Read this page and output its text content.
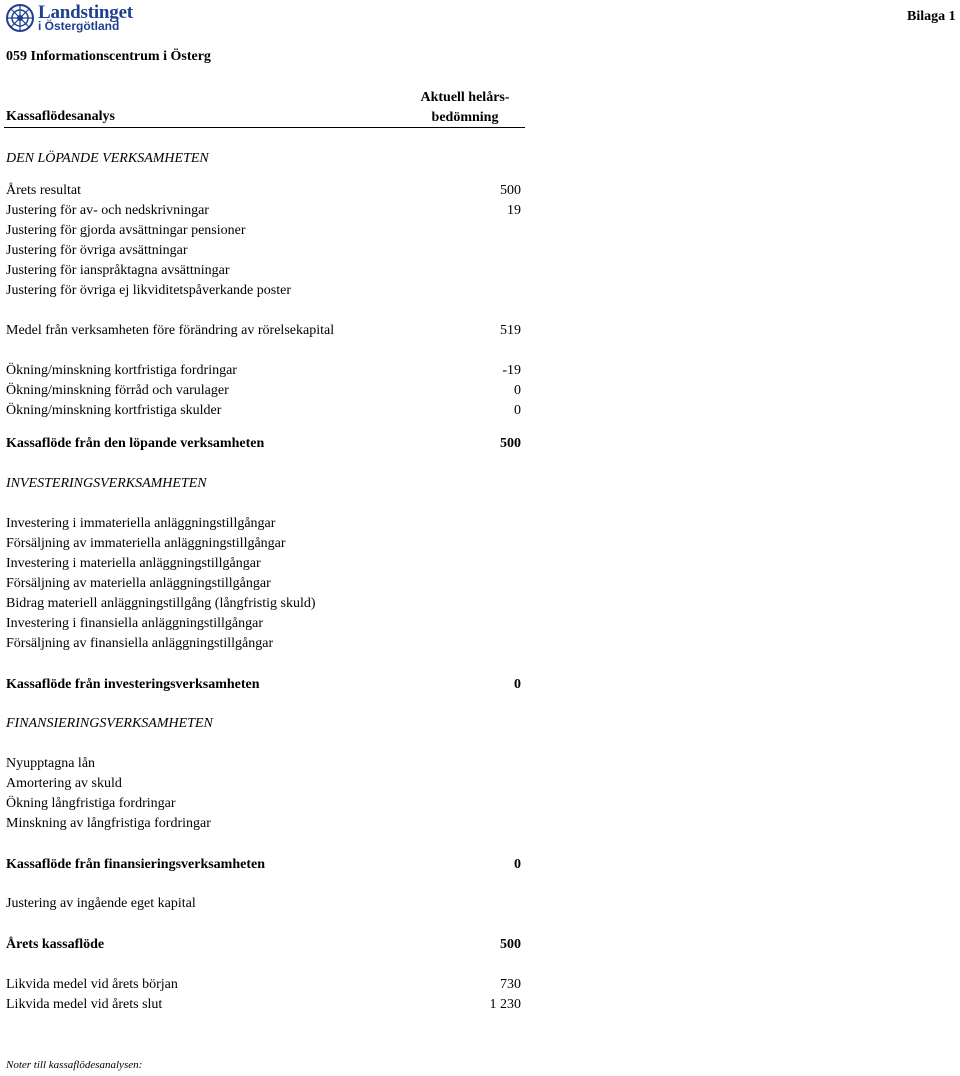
Landstinget
i Östergötland
Bilaga 1
059 Informationscentrum i Österg
Kassaflödesanalys
Aktuell helårs-
bedömning
DEN LÖPANDE VERKSAMHETEN
Årets resultat	500
Justering för av- och nedskrivningar	19
Justering för gjorda avsättningar pensioner
Justering för övriga avsättningar
Justering för ianspråktagna avsättningar
Justering för övriga ej likviditetspåverkande poster
Medel från verksamheten före förändring av rörelsekapital	519
Ökning/minskning kortfristiga fordringar	-19
Ökning/minskning förråd och varulager	0
Ökning/minskning kortfristiga skulder	0
Kassaflöde från den löpande verksamheten	500
INVESTERINGSVERKSAMHETEN
Investering i immateriella anläggningstillgångar
Försäljning av immateriella anläggningstillgångar
Investering i materiella anläggningstillgångar
Försäljning av materiella anläggningstillgångar
Bidrag materiell anläggningstillgång (långfristig skuld)
Investering i finansiella anläggningstillgångar
Försäljning av finansiella anläggningstillgångar
Kassaflöde från investeringsverksamheten	0
FINANSIERINGSVERKSAMHETEN
Nyupptagna lån
Amortering av skuld
Ökning långfristiga fordringar
Minskning av långfristiga fordringar
Kassaflöde från finansieringsverksamheten	0
Justering av ingående eget kapital
Årets kassaflöde	500
Likvida medel vid årets början	730
Likvida medel vid årets slut	1 230
Noter till kassaflödesanalysen:
